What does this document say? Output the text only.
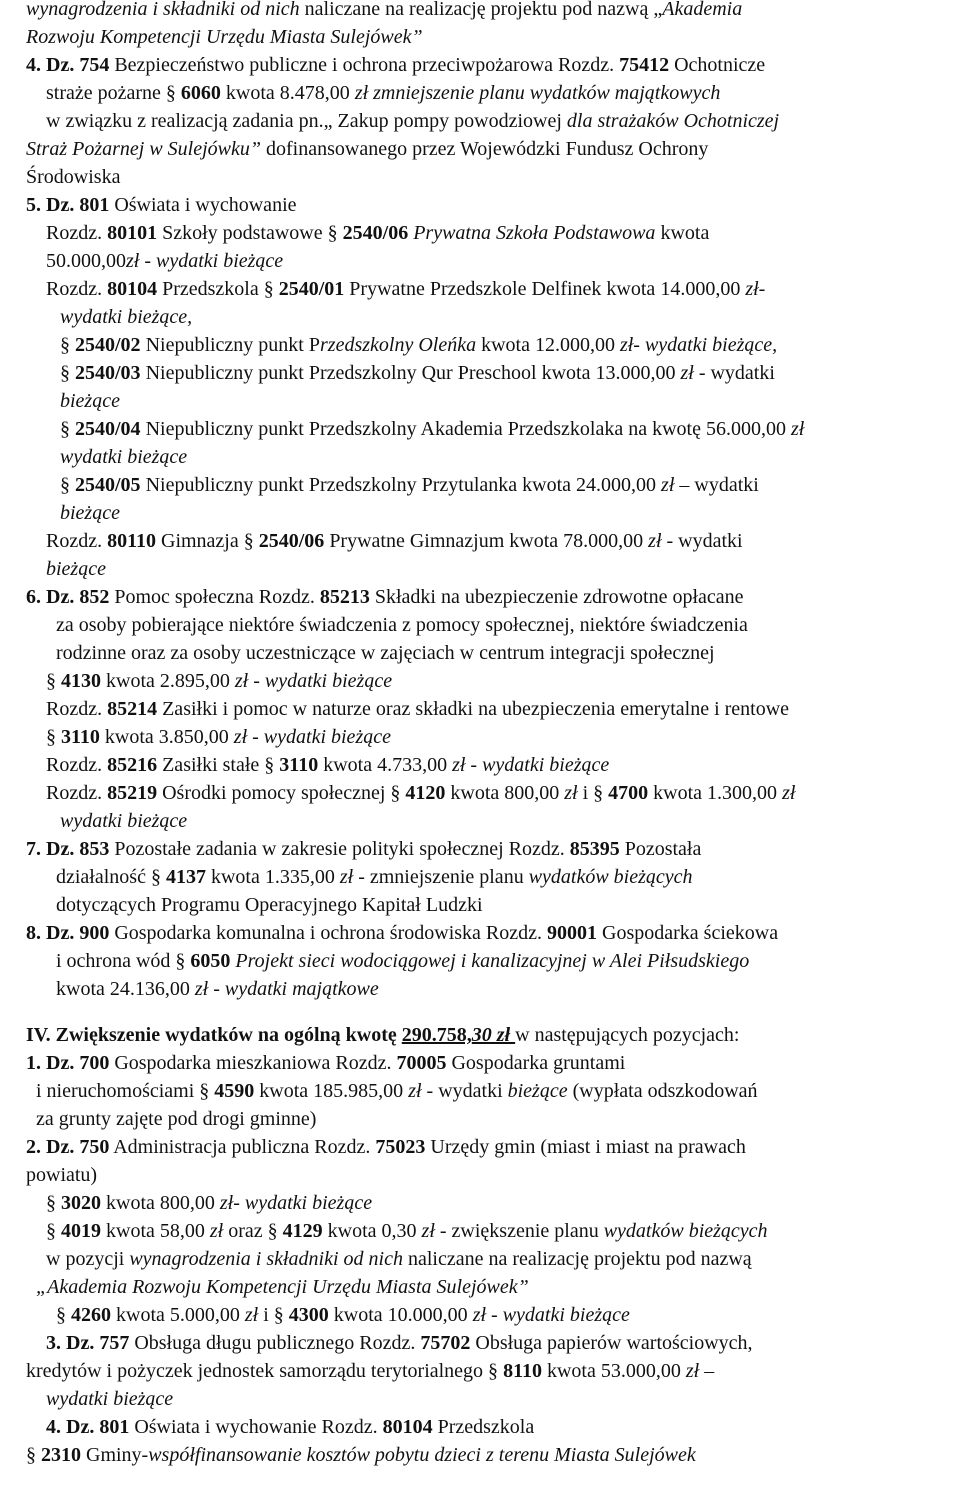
wynagrodzenia i składniki od nich naliczane na realizację projektu pod nazwą „Akademia
Rozwoju Kompetencji Urzędu Miasta Sulejówek”
4. Dz. 754 Bezpieczeństwo publiczne i ochrona przeciwpożarowa Rozdz. 75412 Ochotnicze
straże pożarne § 6060 kwota 8.478,00 zł zmniejszenie planu wydatków majątkowych
w związku z realizacją zadania pn.„ Zakup pompy powodziowej dla strażaków Ochotniczej
Straż Pożarnej w Sulejówku” dofinansowanego przez Wojewódzki Fundusz Ochrony
Środowiska
5. Dz. 801 Oświata i wychowanie
Rozdz. 80101 Szkoły podstawowe § 2540/06 Prywatna Szkoła Podstawowa kwota
50.000,00zł - wydatki bieżące
Rozdz. 80104 Przedszkola § 2540/01 Prywatne Przedszkole Delfinek kwota 14.000,00 zł-
wydatki bieżące,
§ 2540/02 Niepubliczny punkt Przedszkolny Oleńka kwota 12.000,00 zł- wydatki bieżące,
§ 2540/03 Niepubliczny punkt Przedszkolny Qur Preschool kwota 13.000,00 zł - wydatki
bieżące
§ 2540/04 Niepubliczny punkt Przedszkolny Akademia Przedszkolaka na kwotę 56.000,00 zł
wydatki bieżące
§ 2540/05 Niepubliczny punkt Przedszkolny Przytulanka kwota 24.000,00 zł – wydatki
bieżące
Rozdz. 80110 Gimnazja § 2540/06 Prywatne Gimnazjum kwota 78.000,00 zł - wydatki
bieżące
6. Dz. 852 Pomoc społeczna Rozdz. 85213 Składki na ubezpieczenie zdrowotne opłacane
za osoby pobierające niektóre świadczenia z pomocy społecznej, niektóre świadczenia
rodzinne oraz za osoby uczestniczące w zajęciach w centrum integracji społecznej
§ 4130 kwota 2.895,00 zł - wydatki bieżące
Rozdz. 85214 Zasiłki i pomoc w naturze oraz składki na ubezpieczenia emerytalne i rentowe
§ 3110 kwota 3.850,00 zł - wydatki bieżące
Rozdz. 85216 Zasiłki stałe § 3110 kwota 4.733,00 zł - wydatki bieżące
Rozdz. 85219 Ośrodki pomocy społecznej § 4120 kwota 800,00 zł i § 4700 kwota 1.300,00 zł
wydatki bieżące
7. Dz. 853 Pozostałe zadania w zakresie polityki społecznej Rozdz. 85395 Pozostała
działalność § 4137 kwota 1.335,00 zł - zmniejszenie planu wydatków bieżących
dotyczących Programu Operacyjnego Kapitał Ludzki
8. Dz. 900 Gospodarka komunalna i ochrona środowiska Rozdz. 90001 Gospodarka ściekowa
i ochrona wód § 6050 Projekt sieci wodociągowej i kanalizacyjnej w Alei Piłsudskiego
kwota 24.136,00 zł - wydatki majątkowe
IV. Zwiększenie wydatków na ogólną kwotę 290.758,30 zł w następujących pozycjach:
1. Dz. 700 Gospodarka mieszkaniowa Rozdz. 70005 Gospodarka gruntami
i nieruchomościami § 4590 kwota 185.985,00 zł - wydatki bieżące (wypłata odszkodowań
za grunty zajęte pod drogi gminne)
2. Dz. 750 Administracja publiczna Rozdz. 75023 Urzędy gmin (miast i miast na prawach
powiatu)
§ 3020 kwota 800,00 zł- wydatki bieżące
§ 4019 kwota 58,00 zł oraz § 4129 kwota 0,30 zł - zwiększenie planu wydatków bieżących
w pozycji wynagrodzenia i składniki od nich naliczane na realizację projektu pod nazwą
„Akademia Rozwoju Kompetencji Urzędu Miasta Sulejówek”
§ 4260 kwota 5.000,00 zł i § 4300 kwota 10.000,00 zł - wydatki bieżące
3. Dz. 757 Obsługa długu publicznego Rozdz. 75702 Obsługa papierów wartościowych,
kredytów i pożyczek jednostek samorządu terytorialnego § 8110 kwota 53.000,00 zł –
wydatki bieżące
4. Dz. 801 Oświata i wychowanie Rozdz. 80104 Przedszkola
§ 2310 Gminy-współfinansowanie kosztów pobytu dzieci z terenu Miasta Sulejówek
